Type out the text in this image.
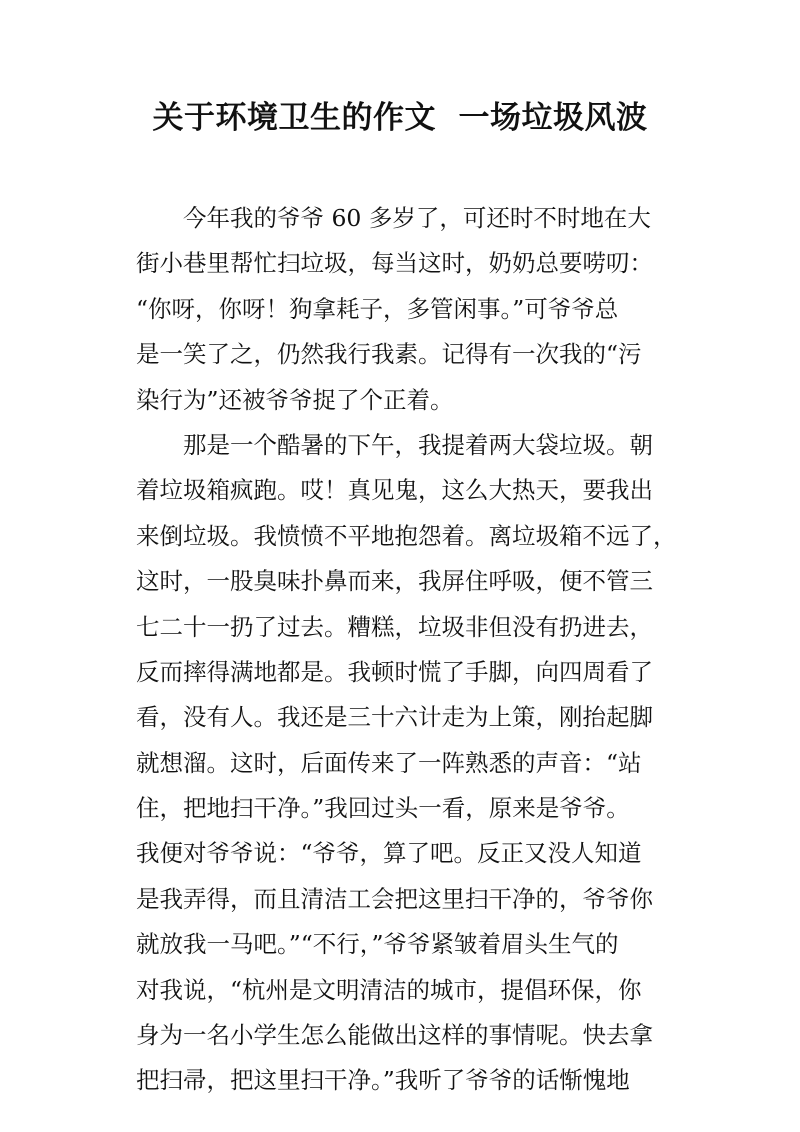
关于环境卫生的作文  一场垃圾风波
今年我的爷爷 60 多岁了，可还时不时地在大
街小巷里帮忙扫垃圾，每当这时，奶奶总要唠叨：
“你呀，你呀！狗拿耗子，多管闲事。”可爷爷总
是一笑了之，仍然我行我素。记得有一次我的“污
染行为”还被爷爷捉了个正着。
那是一个酷暑的下午，我提着两大袋垃圾。朝
着垃圾箱疯跑。哎！真见鬼，这么大热天，要我出
来倒垃圾。我愤愤不平地抱怨着。离垃圾箱不远了，
这时，一股臭味扑鼻而来，我屏住呼吸，便不管三
七二十一扔了过去。糟糕，垃圾非但没有扔进去，
反而摔得满地都是。我顿时慌了手脚，向四周看了
看，没有人。我还是三十六计走为上策，刚抬起脚
就想溜。这时，后面传来了一阵熟悉的声音：“站
住，把地扫干净。”我回过头一看，原来是爷爷。
我便对爷爷说：“爷爷，算了吧。反正又没人知道
是我弄得，而且清洁工会把这里扫干净的，爷爷你
就放我一马吧。”“不行，”爷爷紧皱着眉头生气的
对我说，“杭州是文明清洁的城市，提倡环保，你
身为一名小学生怎么能做出这样的事情呢。快去拿
把扫帚，把这里扫干净。”我听了爷爷的话惭愧地
